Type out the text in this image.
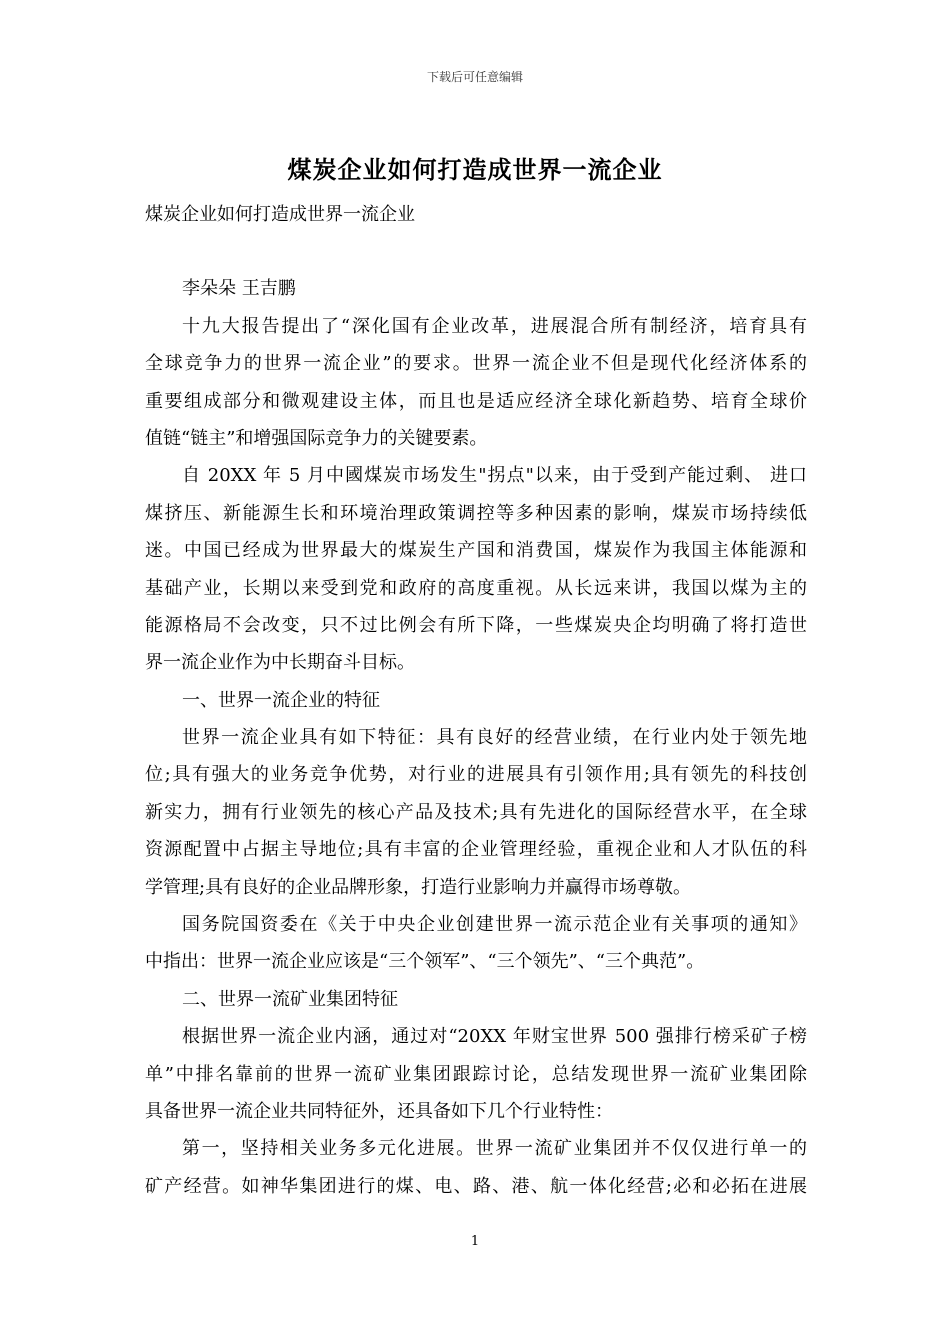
下载后可任意编辑
煤炭企业如何打造成世界一流企业
煤炭企业如何打造成世界一流企业
李朵朵 王吉鹏
十九大报告提出了“深化国有企业改革，进展混合所有制经济，培育具有
全球竞争力的世界一流企业”的要求。世界一流企业不但是现代化经济体系的
重要组成部分和微观建设主体，而且也是适应经济全球化新趋势、培育全球价
值链“链主”和增强国际竞争力的关键要素。
自 20XX 年 5 月中國煤炭市场发生"拐点"以来，由于受到产能过剩、 进口
煤挤压、新能源生长和环境治理政策调控等多种因素的影响，煤炭市场持续低
迷。中国已经成为世界最大的煤炭生产国和消费国，煤炭作为我国主体能源和
基础产业，长期以来受到党和政府的高度重视。从长远来讲，我国以煤为主的
能源格局不会改变，只不过比例会有所下降，一些煤炭央企均明确了将打造世
界一流企业作为中长期奋斗目标。
一、世界一流企业的特征
世界一流企业具有如下特征：具有良好的经营业绩，在行业内处于领先地
位;具有强大的业务竞争优势，对行业的进展具有引领作用;具有领先的科技创
新实力，拥有行业领先的核心产品及技术;具有先进化的国际经营水平，在全球
资源配置中占据主导地位;具有丰富的企业管理经验，重视企业和人才队伍的科
学管理;具有良好的企业品牌形象，打造行业影响力并赢得市场尊敬。
国务院国资委在《关于中央企业创建世界一流示范企业有关事项的通知》
中指出：世界一流企业应该是“三个领军”、“三个领先”、“三个典范”。
二、世界一流矿业集团特征
根据世界一流企业内涵，通过对“20XX 年财宝世界 500 强排行榜采矿子榜
单”中排名靠前的世界一流矿业集团跟踪讨论，总结发现世界一流矿业集团除
具备世界一流企业共同特征外，还具备如下几个行业特性：
第一，坚持相关业务多元化进展。世界一流矿业集团并不仅仅进行单一的
矿产经营。如神华集团进行的煤、电、路、港、航一体化经营;必和必拓在进展
1
